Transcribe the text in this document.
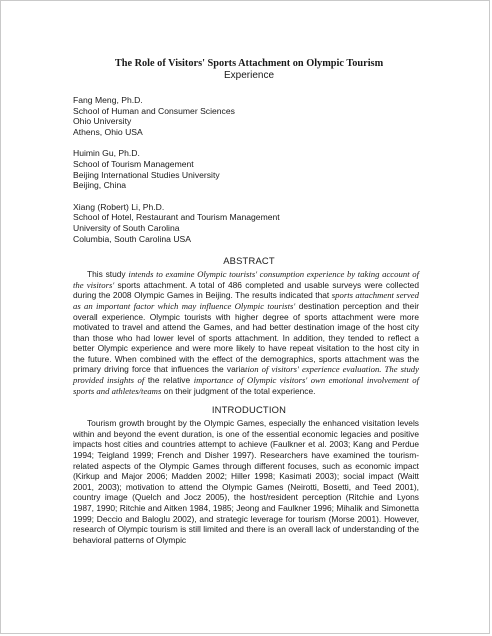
The Role of Visitors' Sports Attachment on Olympic Tourism
Experience
Fang Meng, Ph.D.
School of Human and Consumer Sciences
Ohio University
Athens, Ohio USA
Huimin Gu, Ph.D.
School of Tourism Management
Beijing International Studies University
Beijing, China
Xiang (Robert) Li, Ph.D.
School of Hotel, Restaurant and Tourism Management
University of South Carolina
Columbia, South Carolina USA
ABSTRACT

This study intends to examine Olympic tourists' consumption experience by taking account of the visitors' sports attachment. A total of 486 completed and usable surveys were collected during the 2008 Olympic Games in Beijing. The results indicated that sports attachment served as an important factor which may influence Olympic tourists' destination perception and their overall experience. Olympic tourists with higher degree of sports attachment were more motivated to travel and attend the Games, and had better destination image of the host city than those who had lower level of sports attachment. In addition, they tended to reflect a better Olympic experience and were more likely to have repeat visitation to the host city in the future. When combined with the effect of the demographics, sports attachment was the primary driving force that influences the variation of visitors' experience evaluation. The study provided insights of the relative importance of Olympic visitors' own emotional involvement of sports and athletes/teams on their judgment of the total experience.

INTRODUCTION

Tourism growth brought by the Olympic Games, especially the enhanced visitation levels within and beyond the event duration, is one of the essential economic legacies and positive impacts host cities and countries attempt to achieve (Faulkner et al. 2003; Kang and Perdue 1994; Teigland 1999; French and Disher 1997). Researchers have examined the tourism-related aspects of the Olympic Games through different focuses, such as economic impact (Kirkup and Major 2006; Madden 2002; Hiller 1998; Kasimati 2003); social impact (Waitt 2001, 2003); motivation to attend the Olympic Games (Neirotti, Bosetti, and Teed 2001), country image (Quelch and Jocz 2005), the host/resident perception (Ritchie and Lyons 1987, 1990; Ritchie and Aitken 1984, 1985; Jeong and Faulkner 1996; Mihalik and Simonetta 1999; Deccio and Baloglu 2002), and strategic leverage for tourism (Morse 2001). However, research of Olympic tourism is still limited and there is an overall lack of understanding of the behavioral patterns of Olympic
